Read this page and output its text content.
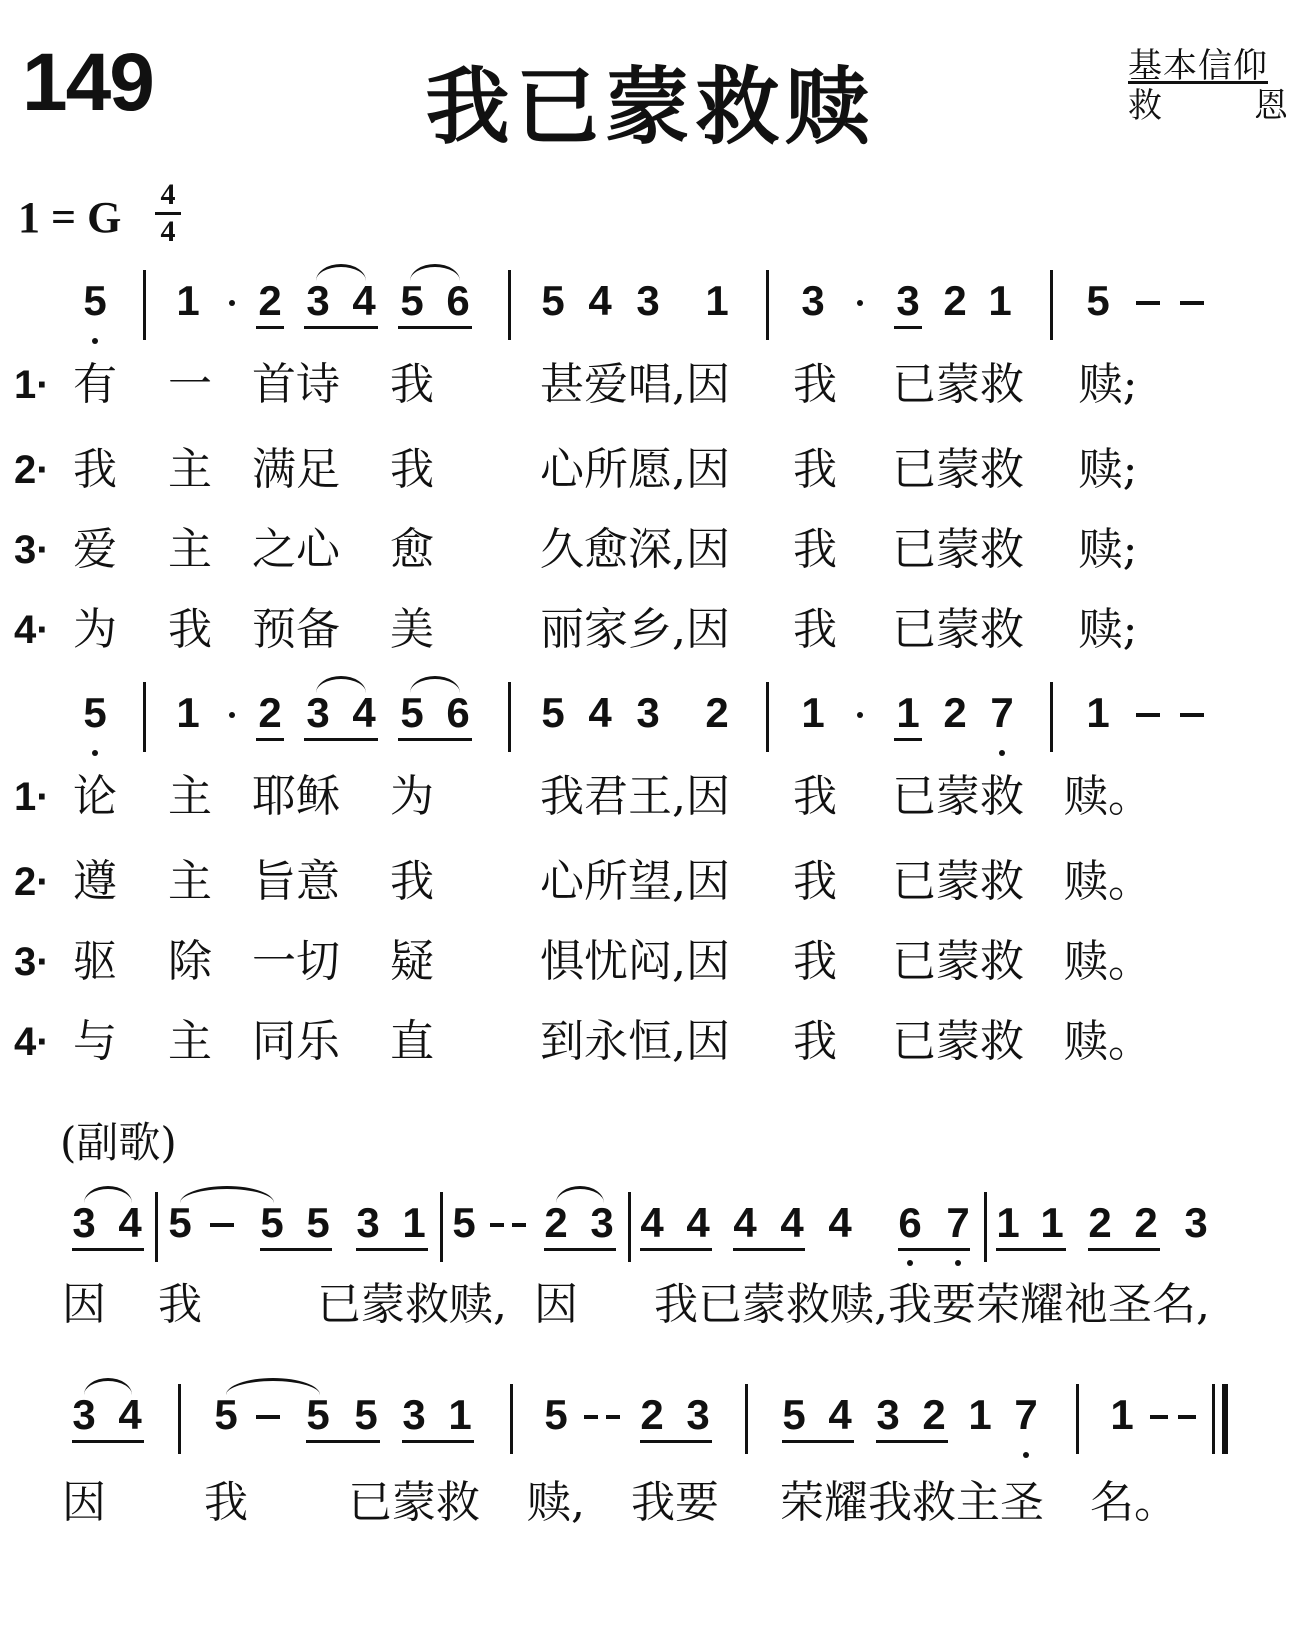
149	我已蒙救赎	基本信仰
救	恩
1 = G 4
4
5 1 2 3 4 5 6 5 4 3 1 3 3 2 1 5
1· 有 一 首诗 我 甚爱唱,因 我 已蒙救 赎;
2· 我 主 满足 我 心所愿,因 我 已蒙救 赎;
3· 爱 主 之心 愈 久愈深,因 我 已蒙救 赎;
4· 为 我 预备 美 丽家乡,因 我 已蒙救 赎;
5 1 2 3 4 5 6 5 4 3 2 1 1 2 7 1
1· 论 主 耶稣 为 我君王,因 我 已蒙救 赎。
2· 遵 主 旨意 我 心所望,因 我 已蒙救 赎。
3· 驱 除 一切 疑 惧忧闷,因 我 已蒙救 赎。
4· 与 主 同乐 直 到永恒,因 我 已蒙救 赎。
(副歌)
3 4 5 5 5 3 1 5 2 3 4 4 4 4 4 6 7 1 1 2 2 3
因 我	已蒙救赎, 因 我已蒙救赎,我要荣耀祂圣名,
3 4 5 5 5 3 1 5 2 3 5 4 3 2 1 7 1
因 我 已蒙救 赎, 我要 荣耀我救主圣 名。
